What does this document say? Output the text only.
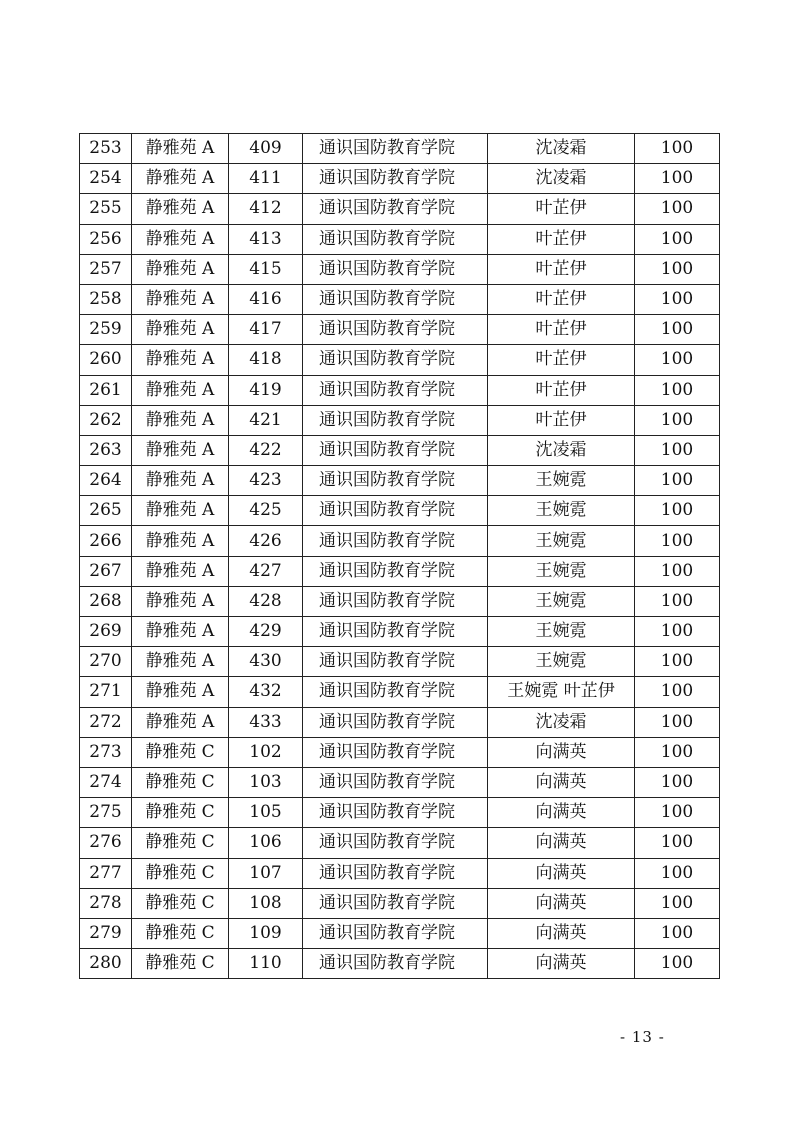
253	静雅苑 A	409	通识国防教育学院	沈凌霜	100
254	静雅苑 A	411	通识国防教育学院	沈凌霜	100
255	静雅苑 A	412	通识国防教育学院	叶芷伊	100
256	静雅苑 A	413	通识国防教育学院	叶芷伊	100
257	静雅苑 A	415	通识国防教育学院	叶芷伊	100
258	静雅苑 A	416	通识国防教育学院	叶芷伊	100
259	静雅苑 A	417	通识国防教育学院	叶芷伊	100
260	静雅苑 A	418	通识国防教育学院	叶芷伊	100
261	静雅苑 A	419	通识国防教育学院	叶芷伊	100
262	静雅苑 A	421	通识国防教育学院	叶芷伊	100
263	静雅苑 A	422	通识国防教育学院	沈凌霜	100
264	静雅苑 A	423	通识国防教育学院	王婉霓	100
265	静雅苑 A	425	通识国防教育学院	王婉霓	100
266	静雅苑 A	426	通识国防教育学院	王婉霓	100
267	静雅苑 A	427	通识国防教育学院	王婉霓	100
268	静雅苑 A	428	通识国防教育学院	王婉霓	100
269	静雅苑 A	429	通识国防教育学院	王婉霓	100
270	静雅苑 A	430	通识国防教育学院	王婉霓	100
271	静雅苑 A	432	通识国防教育学院	王婉霓 叶芷伊	100
272	静雅苑 A	433	通识国防教育学院	沈凌霜	100
273	静雅苑 C	102	通识国防教育学院	向满英	100
274	静雅苑 C	103	通识国防教育学院	向满英	100
275	静雅苑 C	105	通识国防教育学院	向满英	100
276	静雅苑 C	106	通识国防教育学院	向满英	100
277	静雅苑 C	107	通识国防教育学院	向满英	100
278	静雅苑 C	108	通识国防教育学院	向满英	100
279	静雅苑 C	109	通识国防教育学院	向满英	100
280	静雅苑 C	110	通识国防教育学院	向满英	100
- 13 -
